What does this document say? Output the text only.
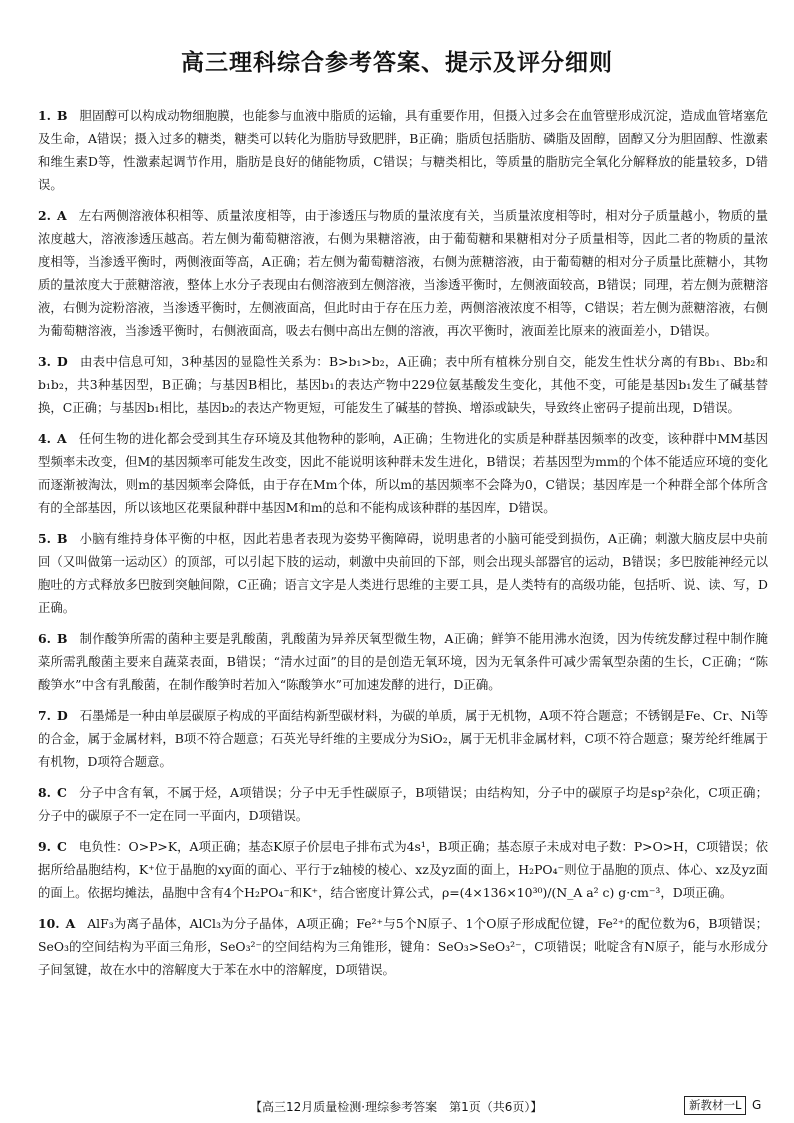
高三理科综合参考答案、提示及评分细则

1. B 胆固醇可以构成动物细胞膜，也能参与血液中脂质的运输，具有重要作用，但摄入过多会在血管壁形成沉淀，造成血管堵塞危及生命，A错误；摄入过多的糖类，糖类可以转化为脂肪导致肥胖，B正确；脂质包括脂肪、磷脂及固醇，固醇又分为胆固醇、性激素和维生素D等，性激素起调节作用，脂肪是良好的储能物质，C错误；与糖类相比，等质量的脂肪完全氧化分解释放的能量较多，D错误。

2. A 左右两侧溶液体积相等、质量浓度相等，由于渗透压与物质的量浓度有关，当质量浓度相等时，相对分子质量越小，物质的量浓度越大，溶液渗透压越高。若左侧为葡萄糖溶液，右侧为果糖溶液，由于葡萄糖和果糖相对分子质量相等，因此二者的物质的量浓度相等，当渗透平衡时，两侧液面等高，A正确；若左侧为葡萄糖溶液，右侧为蔗糖溶液，由于葡萄糖的相对分子质量比蔗糖小，其物质的量浓度大于蔗糖溶液，整体上水分子表现由右侧溶液到左侧溶液，当渗透平衡时，左侧液面较高，B错误；同理，若左侧为蔗糖溶液，右侧为淀粉溶液，当渗透平衡时，左侧液面高，但此时由于存在压力差，两侧溶液浓度不相等，C错误；若左侧为蔗糖溶液，右侧为葡萄糖溶液，当渗透平衡时，右侧液面高，吸去右侧中高出左侧的溶液，再次平衡时，液面差比原来的液面差小，D错误。

3. D 由表中信息可知，3种基因的显隐性关系为：B>b₁>b₂，A正确；表中所有植株分别自交，能发生性状分离的有Bb₁、Bb₂和b₁b₂，共3种基因型，B正确；与基因B相比，基因b₁的表达产物中229位氨基酸发生变化，其他不变，可能是基因b₁发生了碱基替换，C正确；与基因b₁相比，基因b₂的表达产物更短，可能发生了碱基的替换、增添或缺失，导致终止密码子提前出现，D错误。

4. A 任何生物的进化都会受到其生存环境及其他物种的影响，A正确；生物进化的实质是种群基因频率的改变，该种群中MM基因型频率未改变，但M的基因频率可能发生改变，因此不能说明该种群未发生进化，B错误；若基因型为mm的个体不能适应环境的变化而逐渐被淘汰，则m的基因频率会降低，由于存在Mm个体，所以m的基因频率不会降为0，C错误；基因库是一个种群全部个体所含有的全部基因，所以该地区花栗鼠种群中基因M和m的总和不能构成该种群的基因库，D错误。

5. B 小脑有维持身体平衡的中枢，因此若患者表现为姿势平衡障碍，说明患者的小脑可能受到损伤，A正确；刺激大脑皮层中央前回（又叫做第一运动区）的顶部，可以引起下肢的运动，刺激中央前回的下部，则会出现头部器官的运动，B错误；多巴胺能神经元以胞吐的方式释放多巴胺到突触间隙，C正确；语言文字是人类进行思维的主要工具，是人类特有的高级功能，包括听、说、读、写，D正确。

6. B 制作酸笋所需的菌种主要是乳酸菌，乳酸菌为异养厌氧型微生物，A正确；鲜笋不能用沸水泡烫，因为传统发酵过程中制作腌菜所需乳酸菌主要来自蔬菜表面，B错误；“清水过面”的目的是创造无氧环境，因为无氧条件可减少需氧型杂菌的生长，C正确；“陈酸笋水”中含有乳酸菌，在制作酸笋时若加入“陈酸笋水”可加速发酵的进行，D正确。

7. D 石墨烯是一种由单层碳原子构成的平面结构新型碳材料，为碳的单质，属于无机物，A项不符合题意；不锈钢是Fe、Cr、Ni等的合金，属于金属材料，B项不符合题意；石英光导纤维的主要成分为SiO₂，属于无机非金属材料，C项不符合题意；聚芳纶纤维属于有机物，D项符合题意。

8. C 分子中含有氧，不属于烃，A项错误；分子中无手性碳原子，B项错误；由结构知，分子中的碳原子均是sp²杂化，C项正确；分子中的碳原子不一定在同一平面内，D项错误。

9. C 电负性：O>P>K，A项正确；基态K原子价层电子排布式为4s¹，B项正确；基态原子未成对电子数：P>O>H，C项错误；依据所给晶胞结构，K⁺位于晶胞的xy面的面心、平行于z轴棱的棱心、xz及yz面的面上，H₂PO₄⁻则位于晶胞的顶点、体心、xz及yz面的面上。依据均摊法，晶胞中含有4个H₂PO₄⁻和K⁺，结合密度计算公式，ρ=(4×136×10³⁰)/(N_A a² c) g·cm⁻³，D项正确。

10. A AlF₃为离子晶体，AlCl₃为分子晶体，A项正确；Fe²⁺与5个N原子、1个O原子形成配位键，Fe²⁺的配位数为6，B项错误；SeO₃的空间结构为平面三角形，SeO₃²⁻的空间结构为三角锥形，键角：SeO₃>SeO₃²⁻，C项错误；吡啶含有N原子，能与水形成分子间氢键，故在水中的溶解度大于苯在水中的溶解度，D项错误。

【高三12月质量检测·理综参考答案　第1页（共6页）】	新教材一L G
